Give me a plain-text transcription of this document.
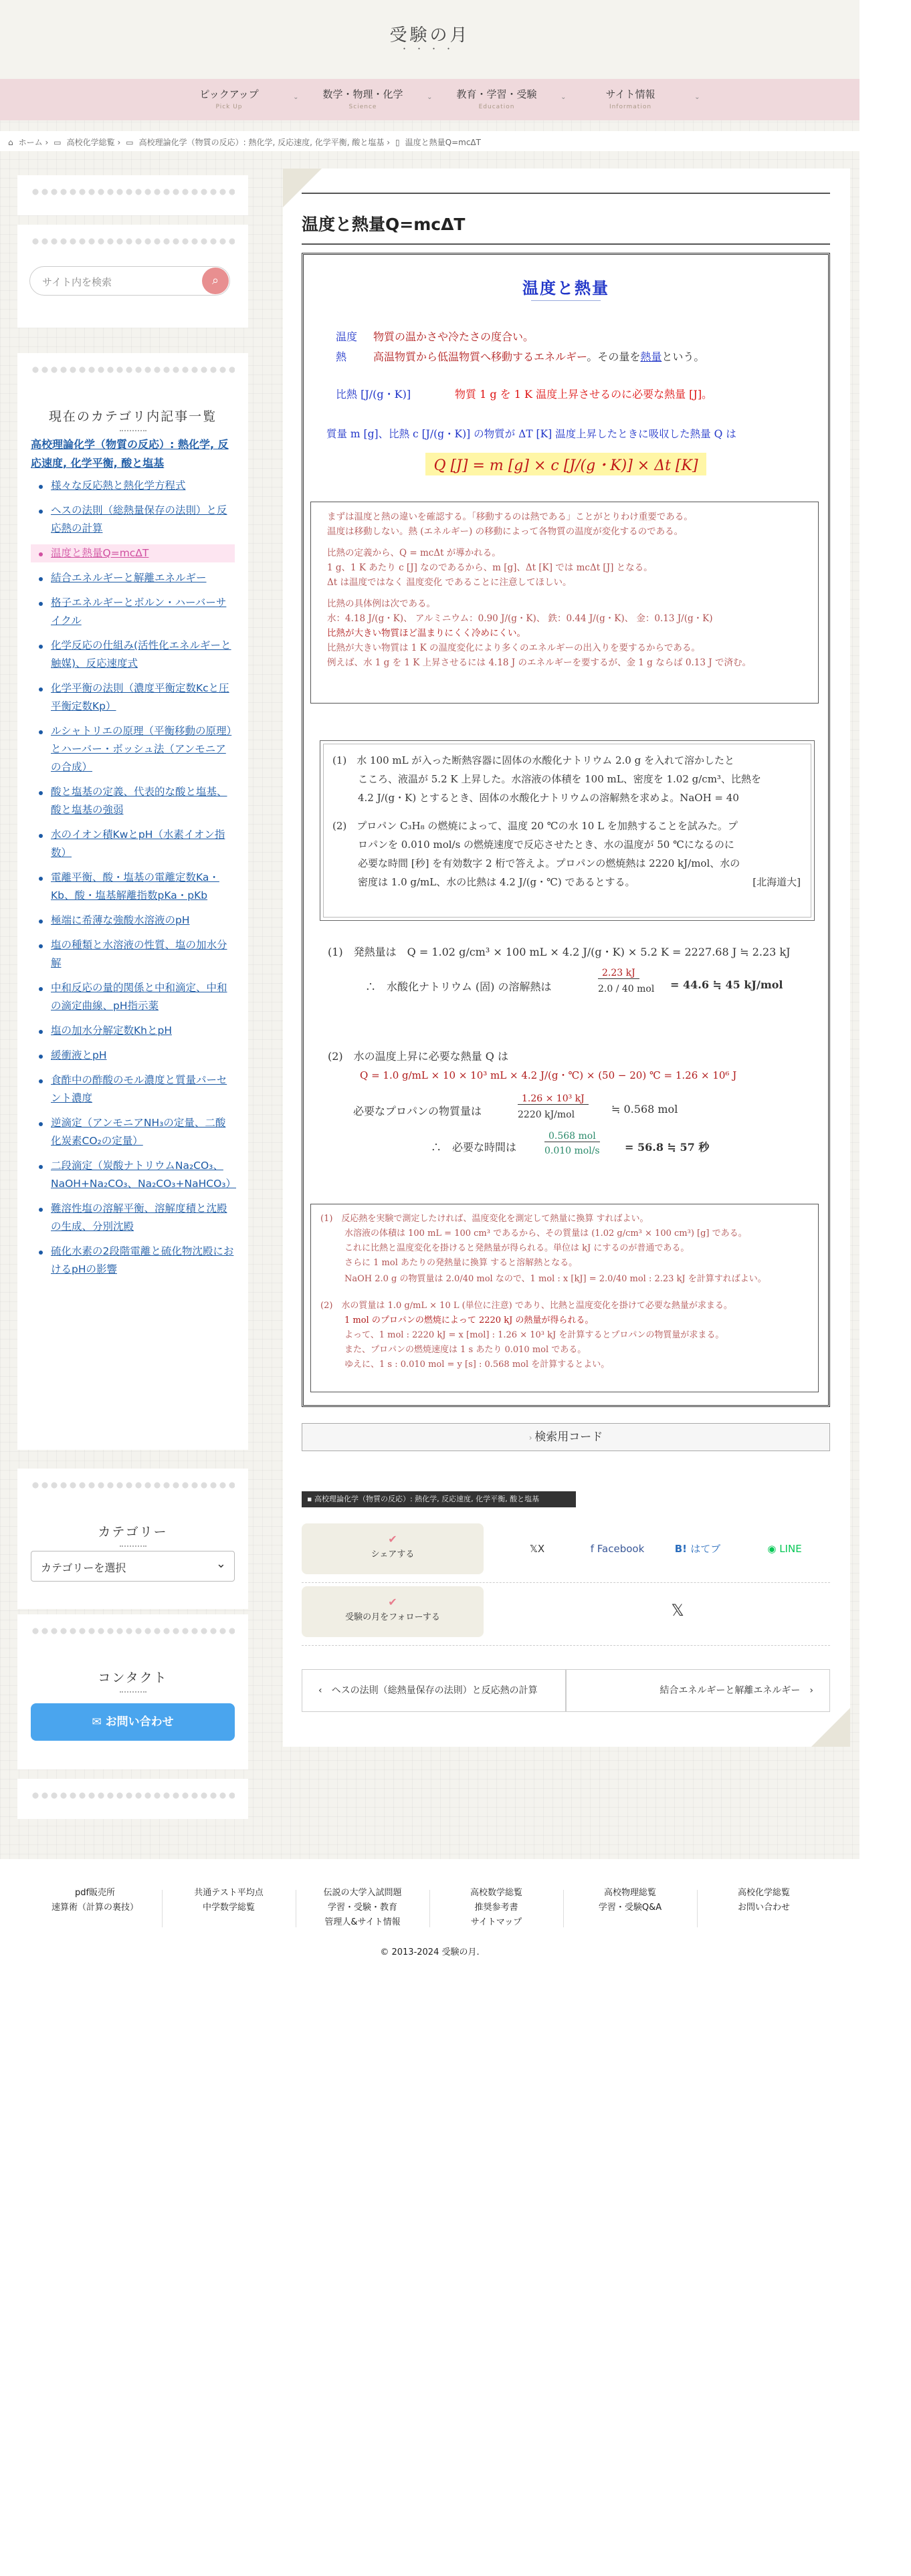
受験の月
・・・・
ピックアップ
Pick Up
⌄	数学・物理・化学
Science
⌄	教育・学習・受験
Education
⌄	サイト情報
Information
⌄
⌂ ホーム › ▭ 高校化学総覧 › ▭ 高校理論化学（物質の反応）: 熱化学, 反応速度, 化学平衡, 酸と塩基 › ▯ 温度と熱量Q=mcΔT
サイト内を検索	⌕
現在のカテゴリ内記事一覧
高校理論化学（物質の反応）: 熱化学, 反応速度, 化学平衡, 酸と塩基
様々な反応熱と熱化学方程式
ヘスの法則（総熱量保存の法則）と反応熱の計算
温度と熱量Q=mcΔT
結合エネルギーと解離エネルギー
格子エネルギーとボルン・ハーバーサイクル
化学反応の仕組み(活性化エネルギーと触媒)、反応速度式
化学平衡の法則（濃度平衡定数Kcと圧平衡定数Kp）
ルシャトリエの原理（平衡移動の原理）とハーバー・ボッシュ法（アンモニアの合成）
酸と塩基の定義、代表的な酸と塩基、酸と塩基の強弱
水のイオン積KwとpH（水素イオン指数）
電離平衡、酸・塩基の電離定数Ka・Kb、酸・塩基解離指数pKa・pKb
極端に希薄な強酸水溶液のpH
塩の種類と水溶液の性質、塩の加水分解
中和反応の量的関係と中和滴定、中和の滴定曲線、pH指示薬
塩の加水分解定数KhとpH
緩衝液とpH
食酢中の酢酸のモル濃度と質量パーセント濃度
逆滴定（アンモニアNH₃の定量、二酸化炭素CO₂の定量）
二段滴定（炭酸ナトリウムNa₂CO₃、NaOH+Na₂CO₃、Na₂CO₃+NaHCO₃）
難溶性塩の溶解平衡、溶解度積と沈殿の生成、分別沈殿
硫化水素の2段階電離と硫化物沈殿におけるpHの影響
カテゴリー
カテゴリーを選択 ⌄
コンタクト
✉ お問い合わせ
温度と熱量Q=mcΔT
温度と熱量
温度 物質の温かさや冷たさの度合い。
熱 高温物質から低温物質へ移動するエネルギー。その量を熱量という。
比熱 [J/(g・K)]	物質 1 g を 1 K 温度上昇させるのに必要な熱量 [J]。
質量 m [g]、比熱 c [J/(g・K)] の物質が ΔT [K] 温度上昇したときに吸収した熱量 Q は
Q [J] = m [g] × c [J/(g・K)] × Δt [K]
まずは温度と熱の違いを確認する。「移動するのは熱である」ことがとりわけ重要である。
温度は移動しない。熱 (エネルギー) の移動によって各物質の温度が変化するのである。
比熱の定義から、Q = mcΔt が導かれる。
1 g、1 K あたり c [J] なのであるから、m [g]、Δt [K] では mcΔt [J] となる。
Δt は温度ではなく 温度変化 であることに注意してほしい。
比熱の具体例は次である。
水：4.18 J/(g・K)、 アルミニウム：0.90 J/(g・K)、 鉄：0.44 J/(g・K)、 金：0.13 J/(g・K)
比熱が大きい物質ほど温まりにくく冷めにくい。
比熱が大きい物質は 1 K の温度変化により多くのエネルギーの出入りを要するからである。
例えば、水 1 g を 1 K 上昇させるには 4.18 J のエネルギーを要するが、金 1 g ならば 0.13 J で済む。
(1)　水 100 mL が入った断熱容器に固体の水酸化ナトリウム 2.0 g を入れて溶かしたと
こころ、液温が 5.2 K 上昇した。水溶液の体積を 100 mL、密度を 1.02 g/cm³、比熱を
4.2 J/(g・K) とするとき、固体の水酸化ナトリウムの溶解熱を求めよ。NaOH = 40
(2)　プロパン C₃H₈ の燃焼によって、温度 20 ℃の水 10 L を加熱することを試みた。プ
ロパンを 0.010 mol/s の燃焼速度で反応させたとき、水の温度が 50 ℃になるのに
必要な時間 [秒] を有効数字 2 桁で答えよ。プロパンの燃焼熱は 2220 kJ/mol、水の
密度は 1.0 g/mL、水の比熱は 4.2 J/(g・℃) であるとする。	[北海道大]
(1)　発熱量は　Q = 1.02 g/cm³ × 100 mL × 4.2 J/(g・K) × 5.2 K = 2227.68 J ≒ 2.23 kJ
∴　水酸化ナトリウム (固) の溶解熱は
2.23 kJ
2.0 / 40 mol = 44.6 ≒ 45 kJ/mol
(2)　水の温度上昇に必要な熱量 Q は
Q = 1.0 g/mL × 10 × 10³ mL × 4.2 J/(g・℃) × (50 − 20) ℃ = 1.26 × 10⁶ J
必要なプロパンの物質量は
1.26 × 10³ kJ
2220 kJ/mol	≒ 0.568 mol
∴　必要な時間は
0.568 mol
0.010 mol/s = 56.8 ≒ 57 秒
(1)　反応熱を実験で測定したければ、温度変化を測定して熱量に換算 すればよい。
水溶液の体積は 100 mL = 100 cm³ であるから、その質量は (1.02 g/cm³ × 100 cm³) [g] である。
これに比熱と温度変化を掛けると発熱量が得られる。単位は kJ にするのが普通である。
さらに 1 mol あたりの発熱量に換算 すると溶解熱となる。
NaOH 2.0 g の物質量は 2.0/40 mol なので、1 mol : x [kJ] = 2.0/40 mol : 2.23 kJ を計算すればよい。
(2)　水の質量は 1.0 g/mL × 10 L (単位に注意) であり、比熱と温度変化を掛けて必要な熱量が求まる。
1 mol のプロパンの燃焼によって 2220 kJ の熱量が得られる。
よって、1 mol : 2220 kJ = x [mol] : 1.26 × 10³ kJ を計算するとプロパンの物質量が求まる。
また、プロパンの燃焼速度は 1 s あたり 0.010 mol である。
ゆえに、1 s : 0.010 mol = y [s] : 0.568 mol を計算するとよい。
› 検索用コード
▪ 高校理論化学（物質の反応）: 熱化学, 反応速度, 化学平衡, 酸と塩基
✔
シェアする	𝕏X	f Facebook	B! はてブ	◉ LINE
✔
受験の月をフォローする	𝕏
‹　ヘスの法則（総熱量保存の法則）と反応熱の計算	結合エネルギーと解離エネルギー　›
pdf販売所
速算術（計算の裏技）
共通テスト平均点
中学数学総覧
伝説の大学入試問題
学習・受験・教育
管理人&サイト情報
高校数学総覧
推奨参考書
サイトマップ
高校物理総覧
学習・受験Q&A
高校化学総覧
お問い合わせ
© 2013-2024 受験の月.
